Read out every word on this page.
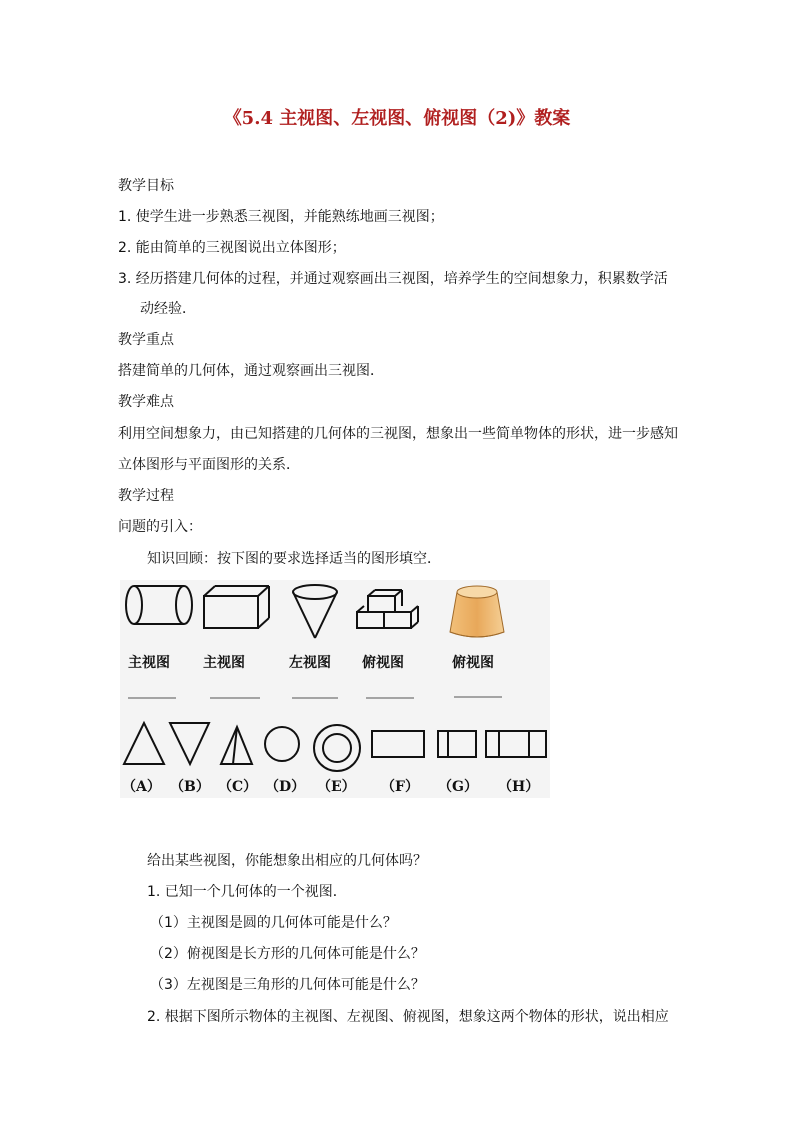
《5.4 主视图、左视图、俯视图（2)》教案
教学目标
1. 使学生进一步熟悉三视图，并能熟练地画三视图；
2. 能由简单的三视图说出立体图形；
3. 经历搭建几何体的过程，并通过观察画出三视图，培养学生的空间想象力，积累数学活
动经验．
教学重点
搭建简单的几何体，通过观察画出三视图．
教学难点
利用空间想象力，由已知搭建的几何体的三视图，想象出一些简单物体的形状，进一步感知
立体图形与平面图形的关系．
教学过程
问题的引入：
知识回顾：按下图的要求选择适当的图形填空．
主视图 主视图	左视图 俯视图	俯视图
（A） （B） （C） （D） （E） （F） （G） （H）
给出某些视图，你能想象出相应的几何体吗？
1. 已知一个几何体的一个视图．
（1）主视图是圆的几何体可能是什么？
（2）俯视图是长方形的几何体可能是什么？
（3）左视图是三角形的几何体可能是什么？
2. 根据下图所示物体的主视图、左视图、俯视图，想象这两个物体的形状，说出相应
